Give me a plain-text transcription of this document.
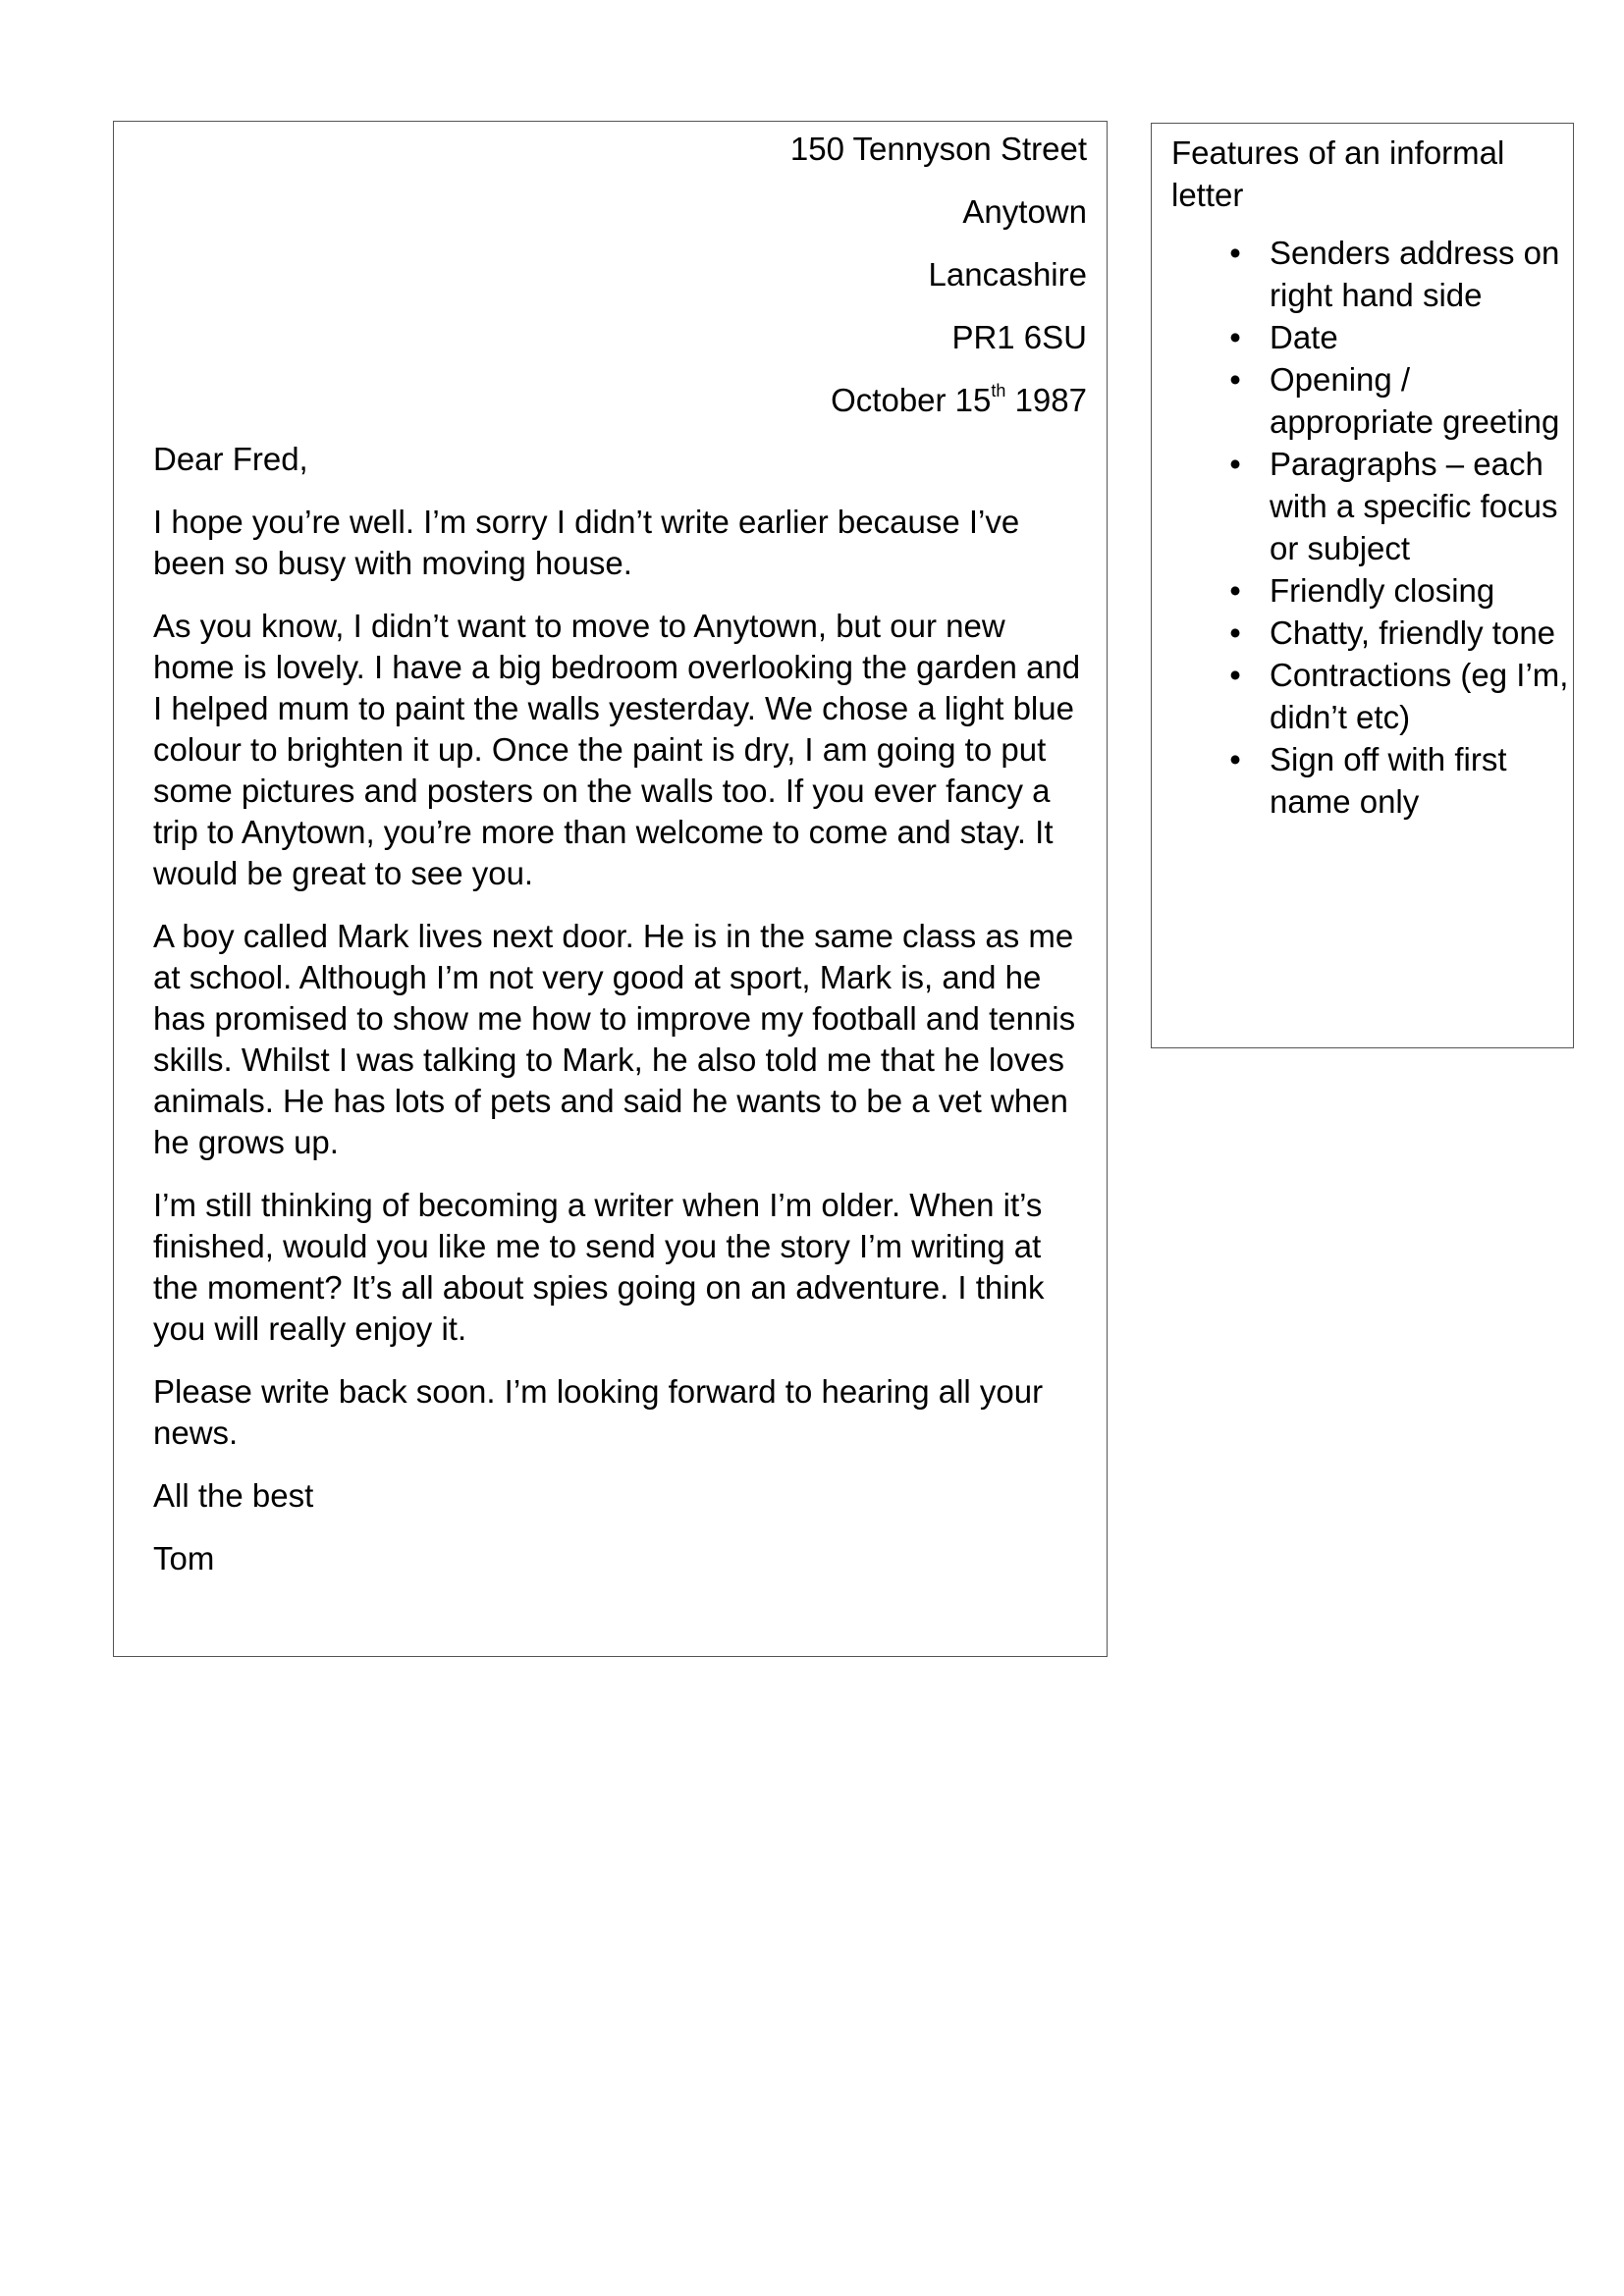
150 Tennyson Street
Anytown
Lancashire
PR1 6SU
October 15th 1987

Dear Fred,

I hope you’re well. I’m sorry I didn’t write earlier because I’ve been so busy with moving house.

As you know, I didn’t want to move to Anytown, but our new home is lovely. I have a big bedroom overlooking the garden and I helped mum to paint the walls yesterday. We chose a light blue colour to brighten it up. Once the paint is dry, I am going to put some pictures and posters on the walls too. If you ever fancy a trip to Anytown, you’re more than welcome to come and stay. It would be great to see you.

A boy called Mark lives next door. He is in the same class as me at school. Although I’m not very good at sport, Mark is, and he has promised to show me how to improve my football and tennis skills. Whilst I was talking to Mark, he also told me that he loves animals. He has lots of pets and said he wants to be a vet when he grows up.

I’m still thinking of becoming a writer when I’m older. When it’s finished, would you like me to send you the story I’m writing at the moment? It’s all about spies going on an adventure. I think you will really enjoy it.

Please write back soon. I’m looking forward to hearing all your news.

All the best

Tom

Features of an informal letter
• Senders address on right hand side
• Date
• Opening / appropriate greeting
• Paragraphs – each with a specific focus or subject
• Friendly closing
• Chatty, friendly tone
• Contractions (eg I’m, didn’t etc)
• Sign off with first name only
